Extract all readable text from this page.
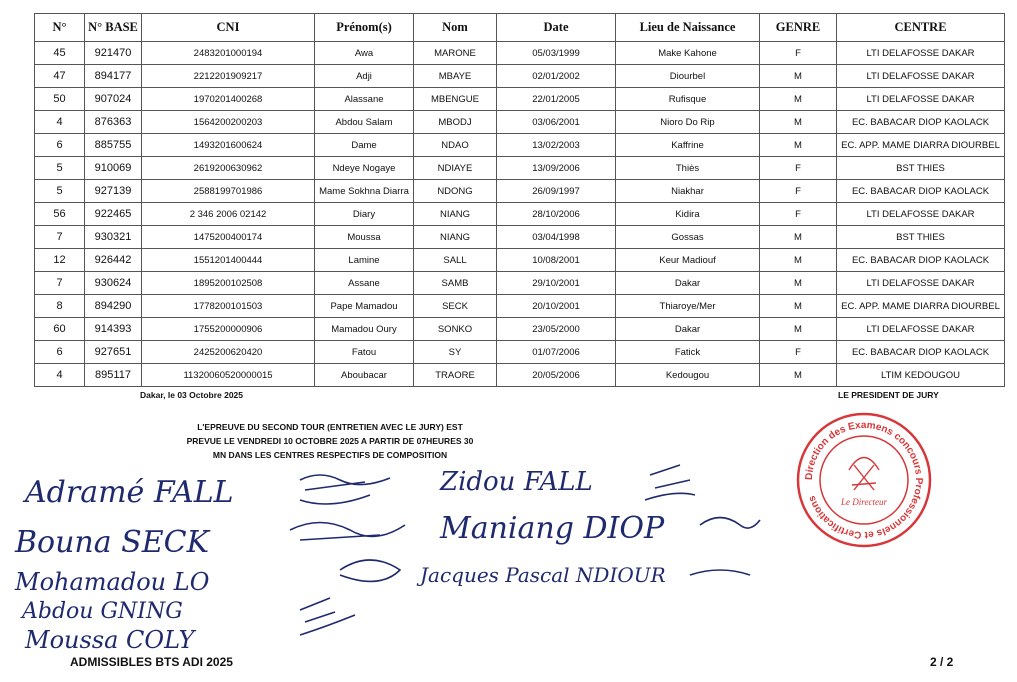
N°	N° BASE	CNI	Prénom(s)	Nom	Date	Lieu de Naissance	GENRE	CENTRE
45	921470	2483201000194	Awa	MARONE	05/03/1999	Make Kahone	F	LTI DELAFOSSE DAKAR
47	894177	2212201909217	Adji	MBAYE	02/01/2002	Diourbel	M	LTI DELAFOSSE DAKAR
50	907024	1970201400268	Alassane	MBENGUE	22/01/2005	Rufisque	M	LTI DELAFOSSE DAKAR
4	876363	1564200200203	Abdou Salam	MBODJ	03/06/2001	Nioro Do Rip	M	EC. BABACAR DIOP KAOLACK
6	885755	1493201600624	Dame	NDAO	13/02/2003	Kaffrine	M	EC. APP. MAME DIARRA DIOURBEL
5	910069	2619200630962	Ndeye Nogaye	NDIAYE	13/09/2006	Thiès	F	BST THIES
5	927139	2588199701986	Mame Sokhna Diarra	NDONG	26/09/1997	Niakhar	F	EC. BABACAR DIOP KAOLACK
56	922465	2 346 2006 02142	Diary	NIANG	28/10/2006	Kidira	F	LTI DELAFOSSE DAKAR
7	930321	1475200400174	Moussa	NIANG	03/04/1998	Gossas	M	BST THIES
12	926442	1551201400444	Lamine	SALL	10/08/2001	Keur Madiouf	M	EC. BABACAR DIOP KAOLACK
7	930624	1895200102508	Assane	SAMB	29/10/2001	Dakar	M	LTI DELAFOSSE DAKAR
8	894290	1778200101503	Pape Mamadou	SECK	20/10/2001	Thiaroye/Mer	M	EC. APP. MAME DIARRA DIOURBEL
60	914393	1755200000906	Mamadou Oury	SONKO	23/05/2000	Dakar	M	LTI DELAFOSSE DAKAR
6	927651	2425200620420	Fatou	SY	01/07/2006	Fatick	F	EC. BABACAR DIOP KAOLACK
4	895117	11320060520000015	Aboubacar	TRAORE	20/05/2006	Kedougou	M	LTIM KEDOUGOU
Dakar, le 03 Octobre 2025	LE PRESIDENT DE JURY
L'EPREUVE DU SECOND TOUR (ENTRETIEN AVEC LE JURY) EST
PREVUE LE VENDREDI 10 OCTOBRE 2025 A PARTIR DE 07HEURES 30
MN DANS LES CENTRES RESPECTIFS DE COMPOSITION
Adramé FALL
Bouna SECK
Mohamadou LO
Abdou GNING
Moussa COLY
Zidou FALL
Maniang DIOP
Jacques Pascal NDIOUR
Direction des Examens concours Professionnels et Certifications	Le Directeur
ADMISSIBLES BTS ADI 2025	2 / 2
